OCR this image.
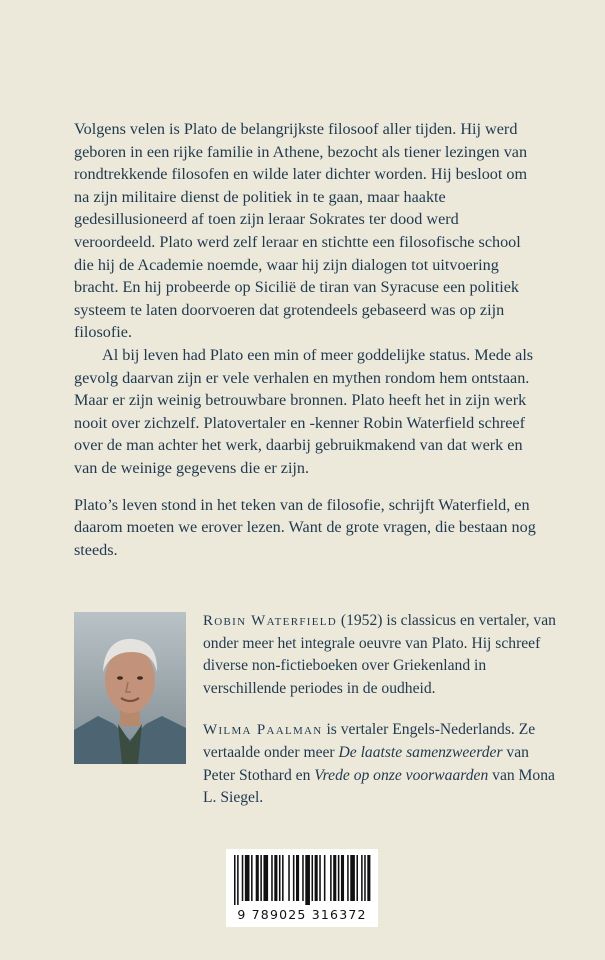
Volgens velen is Plato de belangrijkste filosoof aller tijden. Hij werd geboren in een rijke familie in Athene, bezocht als tiener lezingen van rondtrekkende filosofen en wilde later dichter worden. Hij besloot om na zijn militaire dienst de politiek in te gaan, maar haakte gedesillusioneerd af toen zijn leraar Sokrates ter dood werd veroordeeld. Plato werd zelf leraar en stichtte een filosofische school die hij de Academie noemde, waar hij zijn dialogen tot uitvoering bracht. En hij probeerde op Sicilië de tiran van Syracuse een politiek systeem te laten doorvoeren dat grotendeels gebaseerd was op zijn filosofie.

Al bij leven had Plato een min of meer goddelijke status. Mede als gevolg daarvan zijn er vele verhalen en mythen rondom hem ontstaan. Maar er zijn weinig betrouwbare bronnen. Plato heeft het in zijn werk nooit over zichzelf. Platovertaler en -kenner Robin Waterfield schreef over de man achter het werk, daarbij gebruikmakend van dat werk en van de weinige gegevens die er zijn.

Plato’s leven stond in het teken van de filosofie, schrijft Waterfield, en daarom moeten we erover lezen. Want de grote vragen, die bestaan nog steeds.

Robin Waterfield (1952) is classicus en vertaler, van onder meer het integrale oeuvre van Plato. Hij schreef diverse non-fictieboeken over Griekenland in verschillende periodes in de oudheid.

Wilma Paalman is vertaler Engels-Nederlands. Ze vertaalde onder meer De laatste samenzweerder van Peter Stothard en Vrede op onze voorwaarden van Mona L. Siegel.

9 789025 316372
